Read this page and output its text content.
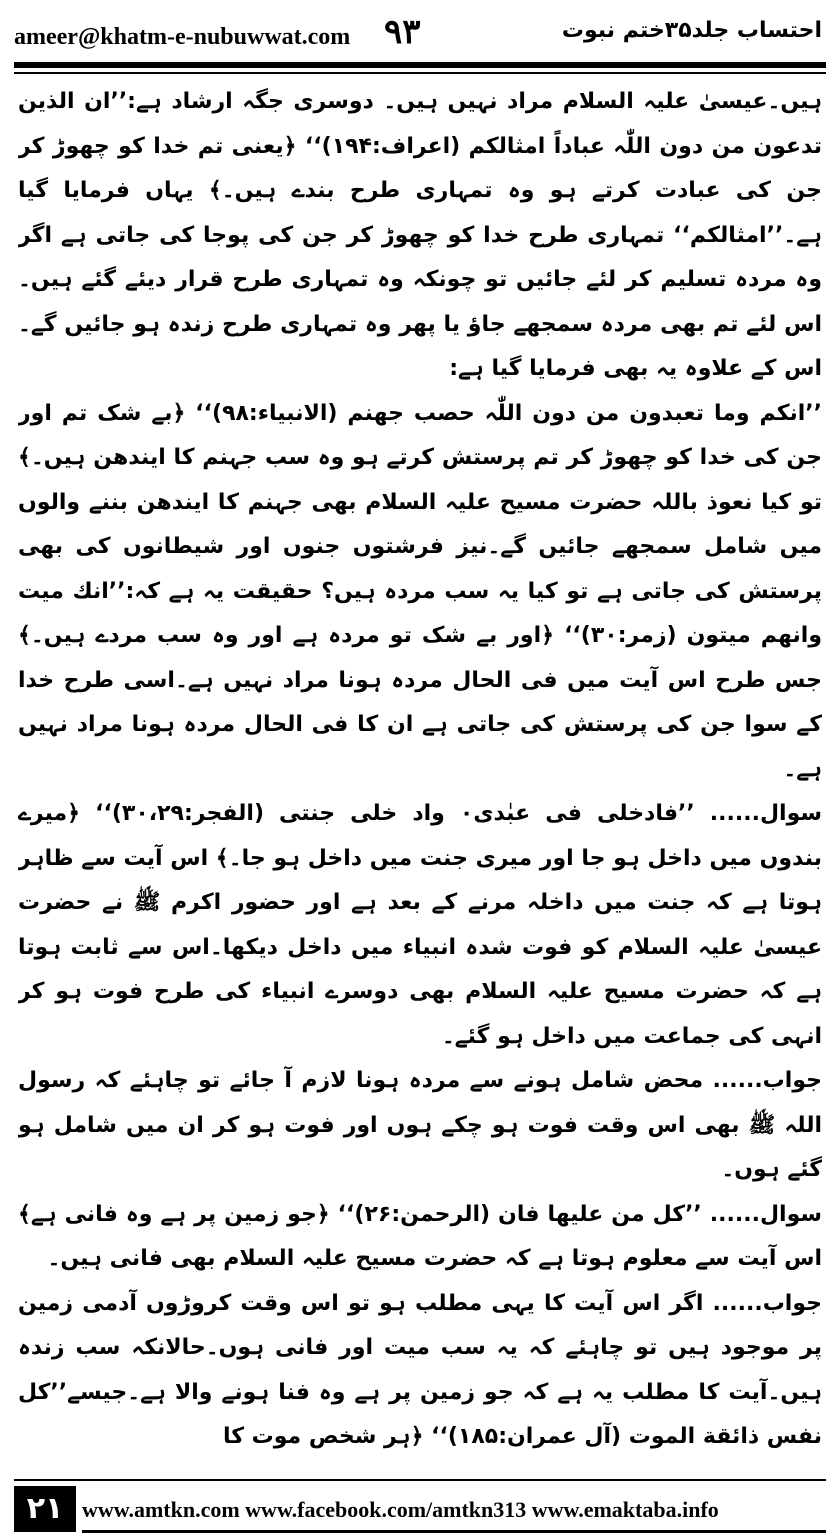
ameer@khatm-e-nubuwwat.com ۹۳	احتساب جلد۳۵ختم نبوت

ہیں۔عیسیٰ علیہ السلام مراد نہیں ہیں۔ دوسری جگہ ارشاد ہے:’’ان الذین تدعون من دون اللّٰہ عباداً امثالکم (اعراف:۱۹۴)‘‘ ﴿یعنی تم خدا کو چھوڑ کر جن کی عبادت کرتے ہو وہ تمہاری طرح بندے ہیں۔﴾ یہاں فرمایا گیا ہے۔’’امثالکم‘‘ تمہاری طرح خدا کو چھوڑ کر جن کی پوجا کی جاتی ہے اگر وہ مردہ تسلیم کر لئے جائیں تو چونکہ وہ تمہاری طرح قرار دیئے گئے ہیں۔اس لئے تم بھی مردہ سمجھے جاؤ یا پھر وہ تمہاری طرح زندہ ہو جائیں گے۔اس کے علاوہ یہ بھی فرمایا گیا ہے:

’’انکم وما تعبدون من دون اللّٰہ حصب جھنم (الانبیاء:۹۸)‘‘ ﴿بے شک تم اور جن کی خدا کو چھوڑ کر تم پرستش کرتے ہو وہ سب جہنم کا ایندھن ہیں۔﴾ تو کیا نعوذ باللہ حضرت مسیح علیہ السلام بھی جہنم کا ایندھن بننے والوں میں شامل سمجھے جائیں گے۔نیز فرشتوں جنوں اور شیطانوں کی بھی پرستش کی جاتی ہے تو کیا یہ سب مردہ ہیں؟ حقیقت یہ ہے کہ:’’انك میت وانھم میتون (زمر:۳۰)‘‘ ﴿اور بے شک تو مردہ ہے اور وہ سب مردے ہیں۔﴾ جس طرح اس آیت میں فی الحال مردہ ہونا مراد نہیں ہے۔اسی طرح خدا کے سوا جن کی پرستش کی جاتی ہے ان کا فی الحال مردہ ہونا مراد نہیں ہے۔

سوال...... ’’فادخلی فی عبٰدی٠ واد خلی جنتی (الفجر:۳۰،۲۹)‘‘ ﴿میرے بندوں میں داخل ہو جا اور میری جنت میں داخل ہو جا۔﴾ اس آیت سے ظاہر ہوتا ہے کہ جنت میں داخلہ مرنے کے بعد ہے اور حضور اکرم ﷺ نے حضرت عیسیٰ علیہ السلام کو فوت شدہ انبیاء میں داخل دیکھا۔اس سے ثابت ہوتا ہے کہ حضرت مسیح علیہ السلام بھی دوسرے انبیاء کی طرح فوت ہو کر انہی کی جماعت میں داخل ہو گئے۔

جواب...... محض شامل ہونے سے مردہ ہونا لازم آ جائے تو چاہئے کہ رسول اللہ ﷺ بھی اس وقت فوت ہو چکے ہوں اور فوت ہو کر ان میں شامل ہو گئے ہوں۔

سوال...... ’’کل من علیھا فان (الرحمن:۲۶)‘‘ ﴿جو زمین پر ہے وہ فانی ہے﴾ اس آیت سے معلوم ہوتا ہے کہ حضرت مسیح علیہ السلام بھی فانی ہیں۔

جواب...... اگر اس آیت کا یہی مطلب ہو تو اس وقت کروڑوں آدمی زمین پر موجود ہیں تو چاہئے کہ یہ سب میت اور فانی ہوں۔حالانکہ سب زندہ ہیں۔آیت کا مطلب یہ ہے کہ جو زمین پر ہے وہ فنا ہونے والا ہے۔جیسے’’کل نفس ذائقة الموت (آل عمران:۱۸۵)‘‘ ﴿ہر شخص موت کا

۲۱ www.amtkn.com www.facebook.com/amtkn313 www.emaktaba.info
